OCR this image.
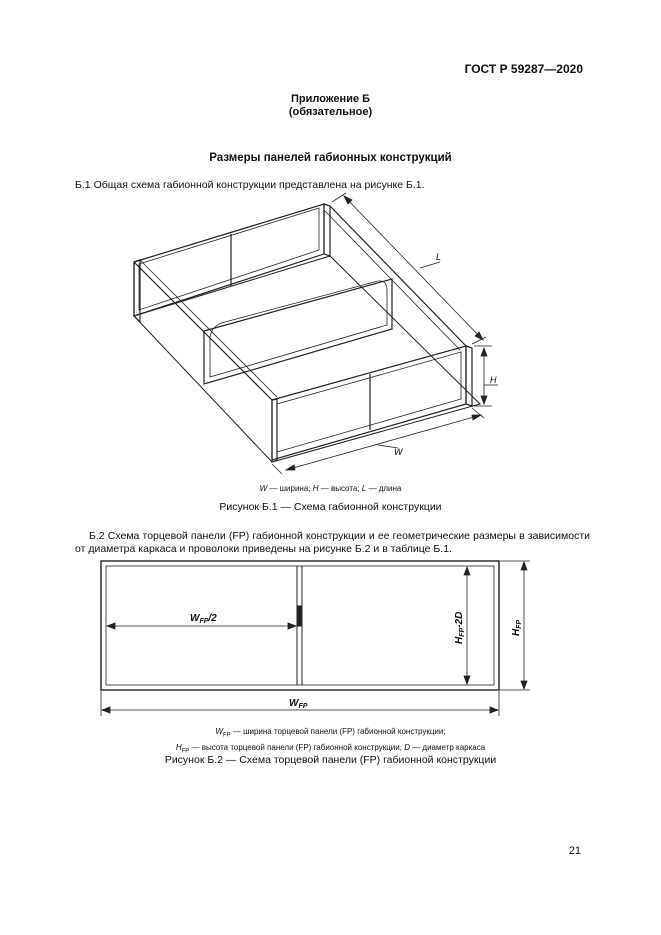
ГОСТ Р 59287—2020
Приложение Б
(обязательное)
Размеры панелей габионных конструкций
Б.1 Общая схема габионной конструкции представлена на рисунке Б.1.
L
H
W
W — ширина; H — высота; L — длина
Рисунок Б.1 — Схема габионной конструкции
Б.2 Схема торцевой панели (FP) габионной конструкции и ее геометрические размеры в зависимости от диаметра каркаса и проволоки приведены на рисунке Б.2 и в таблице Б.1.
$W_{FP}/2$
$H_{FP}-2D$
$H_{FP}$
$W_{FP}$
$W_{FP}$ — ширина торцевой панели (FP) габионной конструкции;
$H_{FP}$ — высота торцевой панели (FP) габионной конструкции, D — диаметр каркаса
Рисунок Б.2 — Схема торцевой панели (FP) габионной конструкции
21
